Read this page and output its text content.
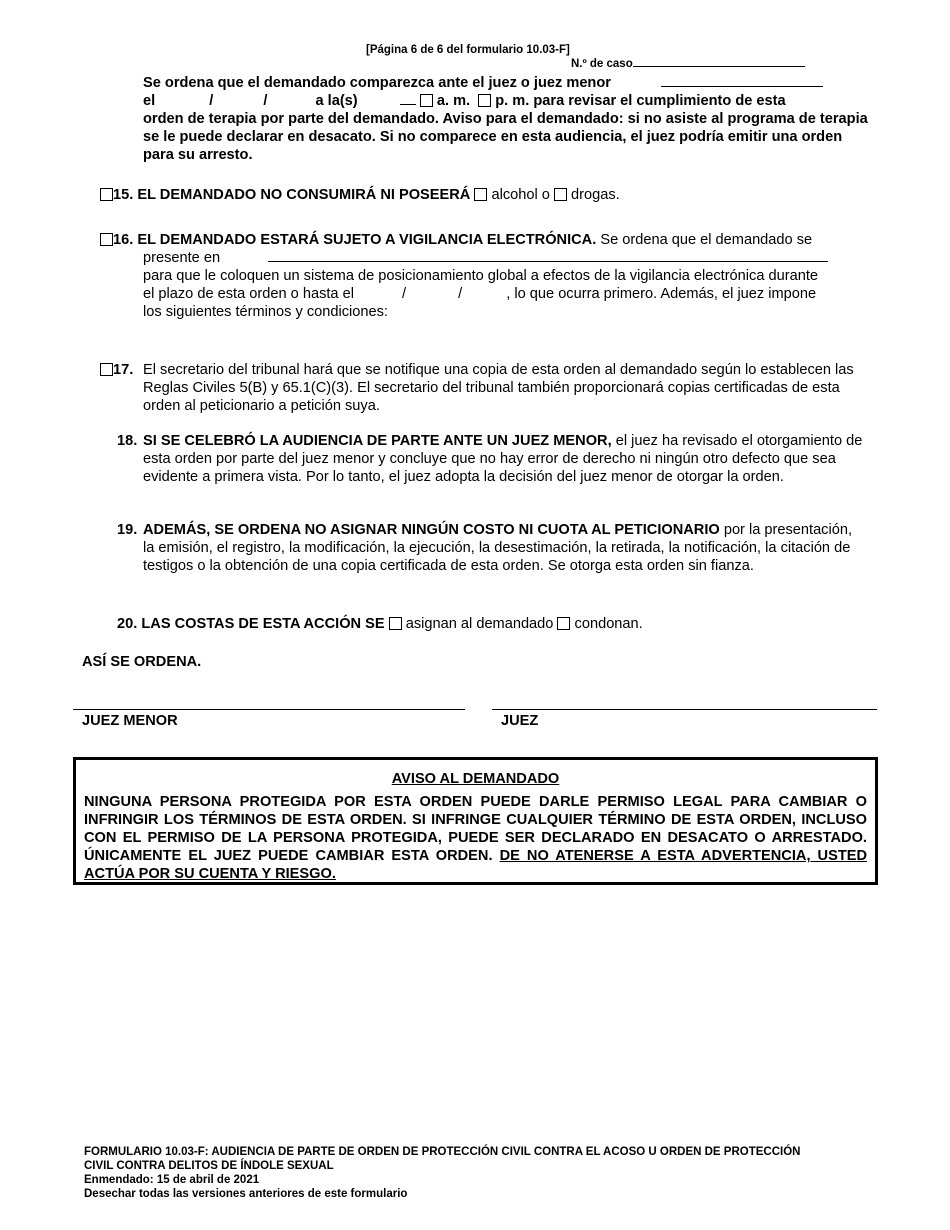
[Página 6 de 6 del formulario 10.03-F]
N.º de caso
Se ordena que el demandado comparezca ante el juez o juez menor
el	/	/	a la(s)	a. m. p. m. para revisar el cumplimiento de esta
orden de terapia por parte del demandado. Aviso para el demandado: si no asiste al programa de terapia se le puede declarar en desacato. Si no comparece en esta audiencia, el juez podría emitir una orden para su arresto.
15. EL DEMANDADO NO CONSUMIRÁ NI POSEERÁ alcohol o drogas.
16. EL DEMANDADO ESTARÁ SUJETO A VIGILANCIA ELECTRÓNICA. Se ordena que el demandado se
presente en
para que le coloquen un sistema de posicionamiento global a efectos de la vigilancia electrónica durante
el plazo de esta orden o hasta el	/	/	, lo que ocurra primero. Además, el juez impone
los siguientes términos y condiciones:
17. El secretario del tribunal hará que se notifique una copia de esta orden al demandado según lo establecen las Reglas Civiles 5(B) y 65.1(C)(3). El secretario del tribunal también proporcionará copias certificadas de esta orden al peticionario a petición suya.
18. SI SE CELEBRÓ LA AUDIENCIA DE PARTE ANTE UN JUEZ MENOR, el juez ha revisado el otorgamiento de esta orden por parte del juez menor y concluye que no hay error de derecho ni ningún otro defecto que sea evidente a primera vista. Por lo tanto, el juez adopta la decisión del juez menor de otorgar la orden.
19. ADEMÁS, SE ORDENA NO ASIGNAR NINGÚN COSTO NI CUOTA AL PETICIONARIO por la presentación, la emisión, el registro, la modificación, la ejecución, la desestimación, la retirada, la notificación, la citación de testigos o la obtención de una copia certificada de esta orden. Se otorga esta orden sin fianza.
20. LAS COSTAS DE ESTA ACCIÓN SE asignan al demandado condonan.
ASÍ SE ORDENA.
JUEZ MENOR	JUEZ
AVISO AL DEMANDADO
NINGUNA PERSONA PROTEGIDA POR ESTA ORDEN PUEDE DARLE PERMISO LEGAL PARA CAMBIAR O INFRINGIR LOS TÉRMINOS DE ESTA ORDEN. SI INFRINGE CUALQUIER TÉRMINO DE ESTA ORDEN, INCLUSO CON EL PERMISO DE LA PERSONA PROTEGIDA, PUEDE SER DECLARADO EN DESACATO O ARRESTADO. ÚNICAMENTE EL JUEZ PUEDE CAMBIAR ESTA ORDEN. DE NO ATENERSE A ESTA ADVERTENCIA, USTED ACTÚA POR SU CUENTA Y RIESGO.
FORMULARIO 10.03-F: AUDIENCIA DE PARTE DE ORDEN DE PROTECCIÓN CIVIL CONTRA EL ACOSO U ORDEN DE PROTECCIÓN
CIVIL CONTRA DELITOS DE ÍNDOLE SEXUAL
Enmendado: 15 de abril de 2021
Desechar todas las versiones anteriores de este formulario
